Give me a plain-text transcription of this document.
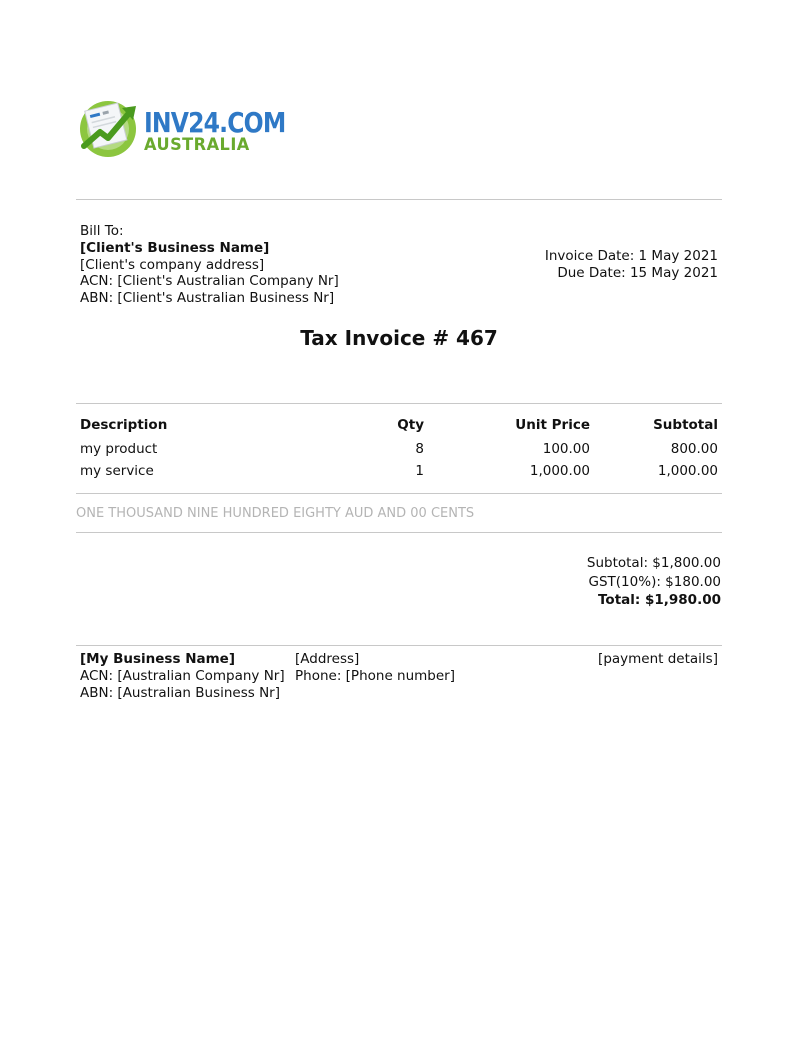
INV24.COM
AUSTRALIA
Bill To:
[Client's Business Name]
[Client's company address]
ACN: [Client's Australian Company Nr]
ABN: [Client's Australian Business Nr]
Invoice Date: 1 May 2021
Due Date: 15 May 2021
Tax Invoice # 467
Description	Qty	Unit Price	Subtotal
my product	8	100.00	800.00
my service	1	1,000.00	1,000.00
ONE THOUSAND NINE HUNDRED EIGHTY AUD AND 00 CENTS
Subtotal: $1,800.00
GST(10%): $180.00
Total: $1,980.00
[My Business Name]
ACN: [Australian Company Nr]
ABN: [Australian Business Nr]
[Address]
Phone: [Phone number]
[payment details]
